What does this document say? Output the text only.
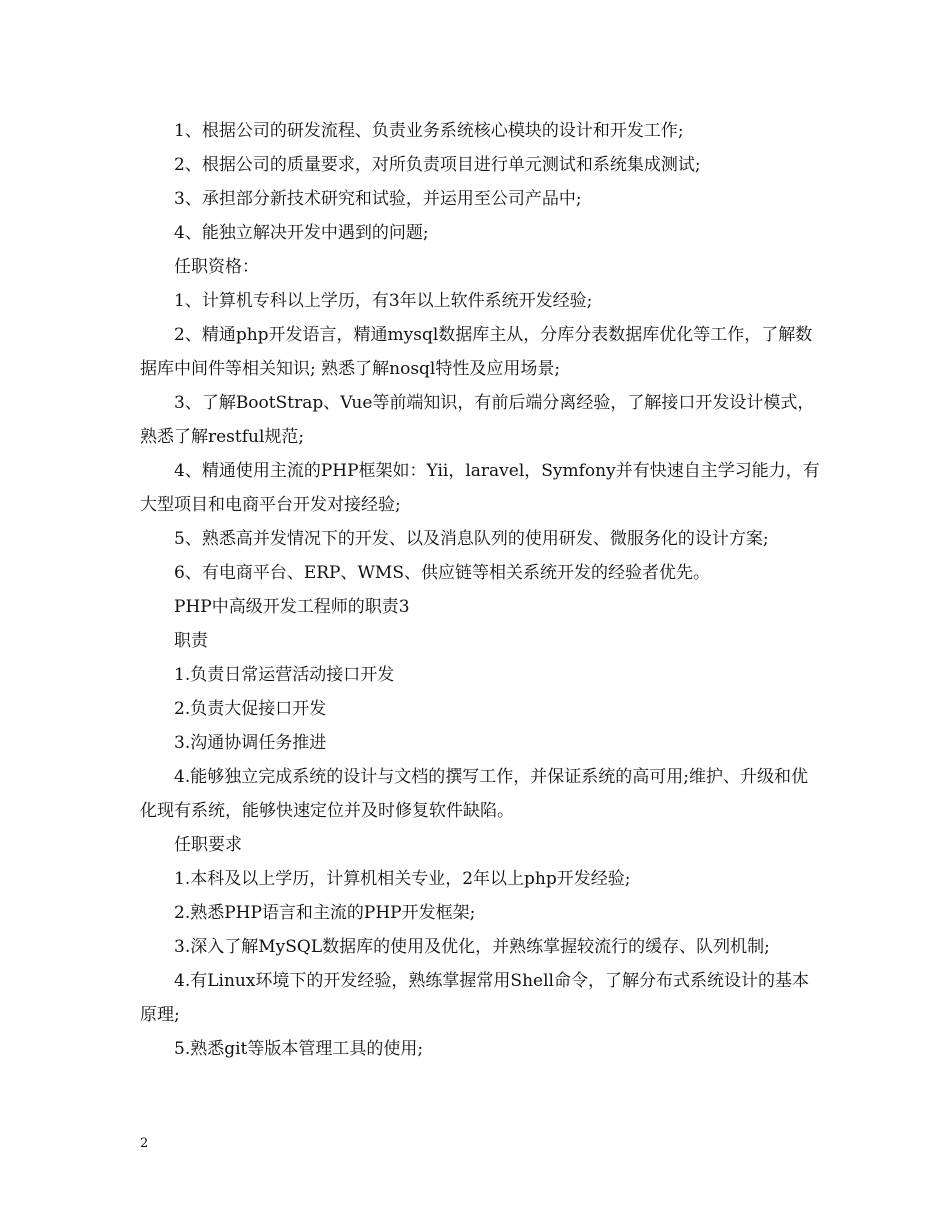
1、根据公司的研发流程、负责业务系统核心模块的设计和开发工作;

2、根据公司的质量要求，对所负责项目进行单元测试和系统集成测试;

3、承担部分新技术研究和试验，并运用至公司产品中;

4、能独立解决开发中遇到的问题;

任职资格：

1、计算机专科以上学历，有3年以上软件系统开发经验;

2、精通php开发语言，精通mysql数据库主从，分库分表数据库优化等工作，了解数据库中间件等相关知识; 熟悉了解nosql特性及应用场景;

3、了解BootStrap、Vue等前端知识，有前后端分离经验，了解接口开发设计模式，熟悉了解restful规范;

4、精通使用主流的PHP框架如：Yii，laravel，Symfony并有快速自主学习能力，有大型项目和电商平台开发对接经验;

5、熟悉高并发情况下的开发、以及消息队列的使用研发、微服务化的设计方案;

6、有电商平台、ERP、WMS、供应链等相关系统开发的经验者优先。

PHP中高级开发工程师的职责3

职责

1.负责日常运营活动接口开发

2.负责大促接口开发

3.沟通协调任务推进

4.能够独立完成系统的设计与文档的撰写工作，并保证系统的高可用;维护、升级和优化现有系统，能够快速定位并及时修复软件缺陷。

任职要求

1.本科及以上学历，计算机相关专业，2年以上php开发经验;

2.熟悉PHP语言和主流的PHP开发框架;

3.深入了解MySQL数据库的使用及优化，并熟练掌握较流行的缓存、队列机制;

4.有Linux环境下的开发经验，熟练掌握常用Shell命令，了解分布式系统设计的基本原理;

5.熟悉git等版本管理工具的使用;

2
